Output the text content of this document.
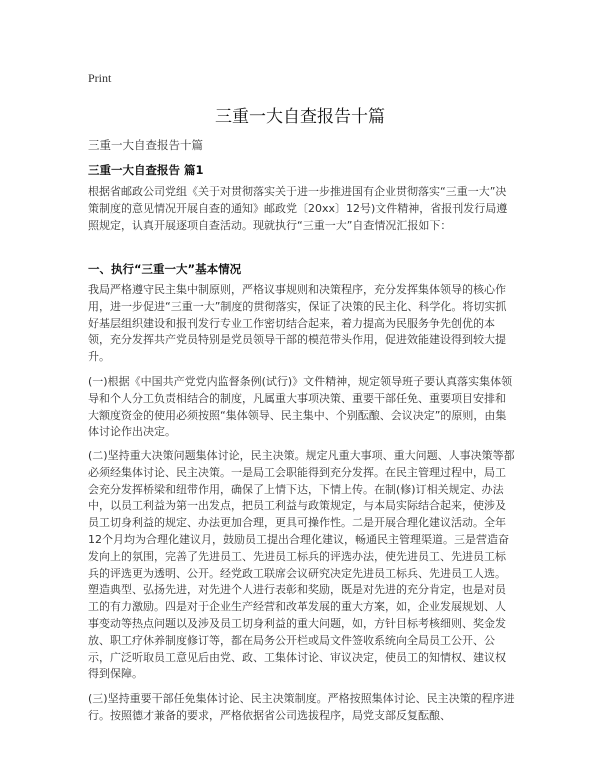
Print
三重一大自查报告十篇
三重一大自查报告十篇
三重一大自查报告 篇1

根据省邮政公司党组《关于对贯彻落实关于进一步推进国有企业贯彻落实“三重一大”决策制度的意见情况开展自查的通知》邮政党〔20xx〕12号)文件精神，省报刊发行局遵照规定，认真开展逐项自查活动。现就执行“三重一大”自查情况汇报如下：

一、执行“三重一大”基本情况

我局严格遵守民主集中制原则，严格议事规则和决策程序，充分发挥集体领导的核心作用，进一步促进“三重一大”制度的贯彻落实，保证了决策的民主化、科学化。将切实抓好基层组织建设和报刊发行专业工作密切结合起来，着力提高为民服务争先创优的本领，充分发挥共产党员特别是党员领导干部的模范带头作用，促进效能建设得到较大提升。

(一)根据《中国共产党党内监督条例(试行)》文件精神，规定领导班子要认真落实集体领导和个人分工负责相结合的制度，凡属重大事项决策、重要干部任免、重要项目安排和大额度资金的使用必须按照“集体领导、民主集中、个别酝酿、会议决定”的原则，由集体讨论作出决定。

(二)坚持重大决策问题集体讨论，民主决策。规定凡重大事项、重大问题、人事决策等都必须经集体讨论、民主决策。一是局工会职能得到充分发挥。在民主管理过程中，局工会充分发挥桥梁和纽带作用，确保了上情下达，下情上传。在制(修)订相关规定、办法中，以员工利益为第一出发点，把员工利益与政策规定，与本局实际结合起来，使涉及员工切身利益的规定、办法更加合理，更具可操作性。二是开展合理化建议活动。全年12个月均为合理化建议月，鼓励员工提出合理化建议，畅通民主管理渠道。三是营造奋发向上的氛围，完善了先进员工、先进员工标兵的评选办法，使先进员工、先进员工标兵的评选更为透明、公开。经党政工联席会议研究决定先进员工标兵、先进员工人选。塑造典型、弘扬先进，对先进个人进行表彰和奖励，既是对先进的充分肯定，也是对员工的有力激励。四是对于企业生产经营和改革发展的重大方案，如，企业发展规划、人事变动等热点问题以及涉及员工切身利益的重大问题，如，方针目标考核细则、奖金发放、职工疗休养制度修订等，都在局务公开栏或局文件签收系统向全局员工公开、公示，广泛听取员工意见后由党、政、工集体讨论、审议决定，使员工的知情权、建议权得到保障。

(三)坚持重要干部任免集体讨论、民主决策制度。严格按照集体讨论、民主决策的程序进行。按照德才兼备的要求，严格依据省公司选拔程序，局党支部反复酝酿、
